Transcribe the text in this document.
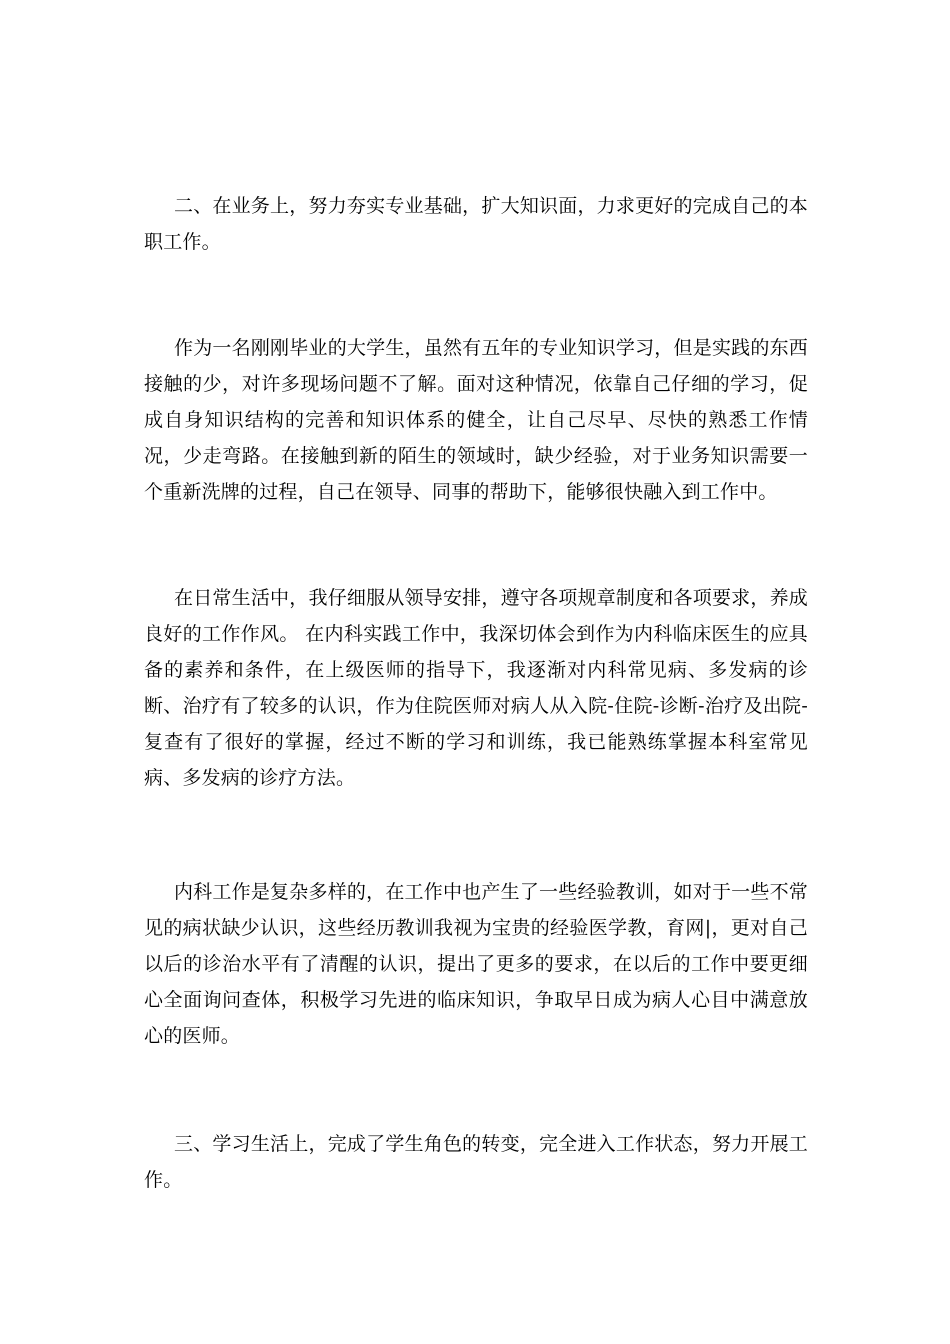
二、在业务上，努力夯实专业基础，扩大知识面，力求更好的完成自己的本职工作。

作为一名刚刚毕业的大学生，虽然有五年的专业知识学习，但是实践的东西接触的少，对许多现场问题不了解。面对这种情况，依靠自己仔细的学习，促成自身知识结构的完善和知识体系的健全，让自己尽早、尽快的熟悉工作情况，少走弯路。在接触到新的陌生的领域时，缺少经验，对于业务知识需要一个重新洗牌的过程，自己在领导、同事的帮助下，能够很快融入到工作中。

在日常生活中，我仔细服从领导安排，遵守各项规章制度和各项要求，养成良好的工作作风。 在内科实践工作中，我深切体会到作为内科临床医生的应具备的素养和条件，在上级医师的指导下，我逐渐对内科常见病、多发病的诊断、治疗有了较多的认识，作为住院医师对病人从入院-住院-诊断-治疗及出院-复查有了很好的掌握，经过不断的学习和训练，我已能熟练掌握本科室常见病、多发病的诊疗方法。

内科工作是复杂多样的，在工作中也产生了一些经验教训，如对于一些不常见的病状缺少认识，这些经历教训我视为宝贵的经验医学教，育网|，更对自己以后的诊治水平有了清醒的认识，提出了更多的要求，在以后的工作中要更细心全面询问查体，积极学习先进的临床知识，争取早日成为病人心目中满意放心的医师。

三、学习生活上，完成了学生角色的转变，完全进入工作状态，努力开展工作。
